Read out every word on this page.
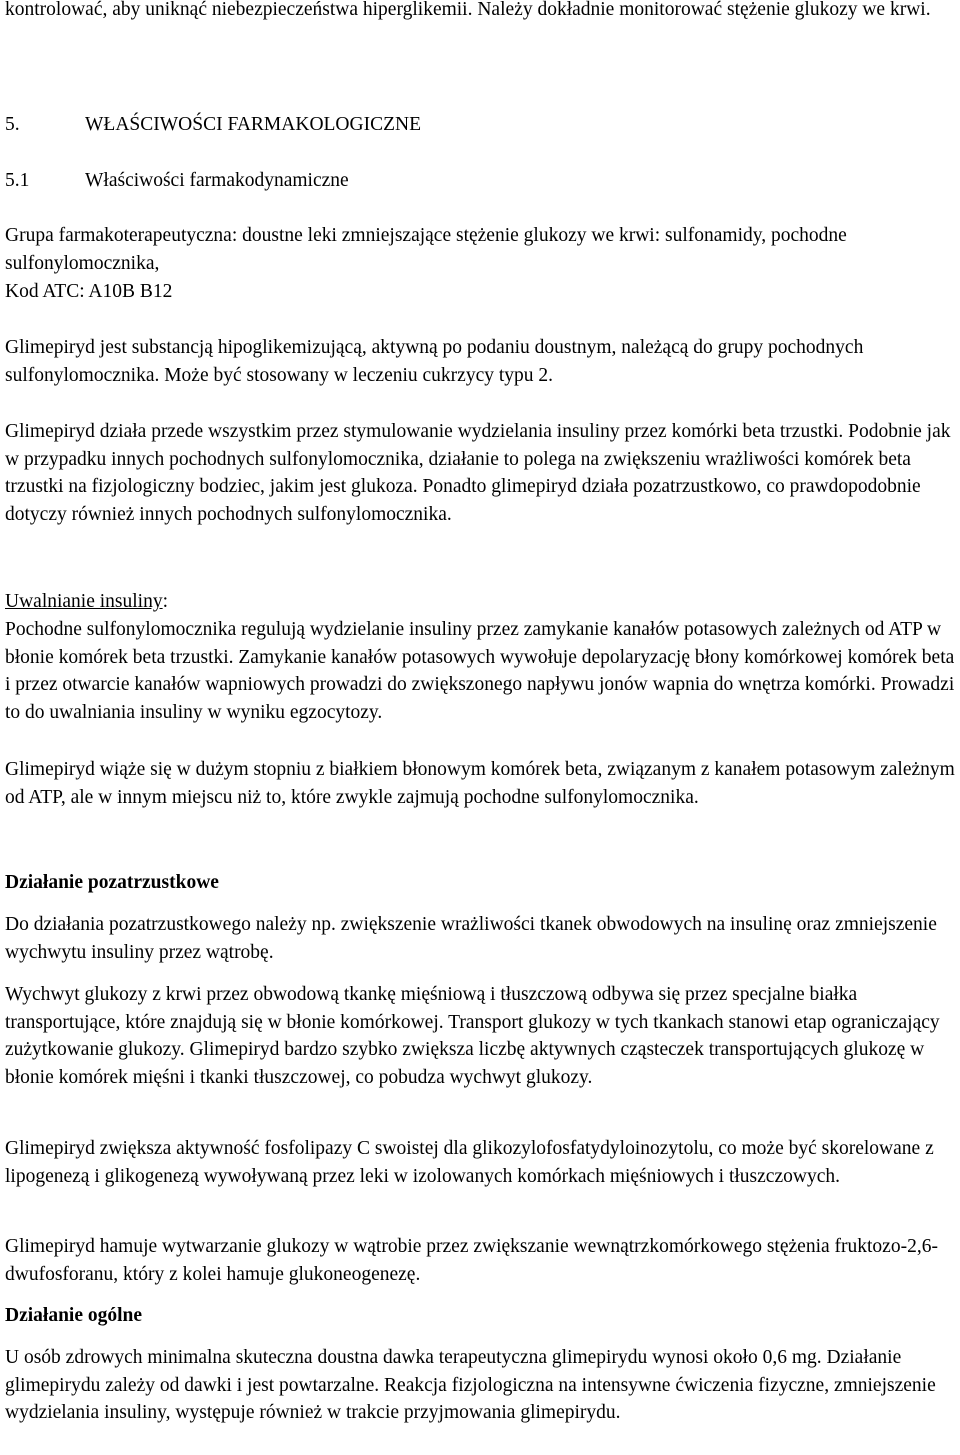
kontrolować, aby uniknąć niebezpieczeństwa hiperglikemii. Należy dokładnie monitorować stężenie glukozy we krwi.

5.	WŁAŚCIWOŚCI FARMAKOLOGICZNE

5.1	Właściwości farmakodynamiczne

Grupa farmakoterapeutyczna: doustne leki zmniejszające stężenie glukozy we krwi: sulfonamidy, pochodne sulfonylomocznika,

Kod ATC: A10B B12

Glimepiryd jest substancją hipoglikemizującą, aktywną po podaniu doustnym, należącą do grupy pochodnych sulfonylomocznika. Może być stosowany w leczeniu cukrzycy typu 2.

Glimepiryd działa przede wszystkim przez stymulowanie wydzielania insuliny przez komórki beta trzustki. Podobnie jak w przypadku innych pochodnych sulfonylomocznika, działanie to polega na zwiększeniu wrażliwości komórek beta trzustki na fizjologiczny bodziec, jakim jest glukoza. Ponadto glimepiryd działa pozatrzustkowo, co prawdopodobnie dotyczy również innych pochodnych sulfonylomocznika.

Uwalnianie insuliny:

Pochodne sulfonylomocznika regulują wydzielanie insuliny przez zamykanie kanałów potasowych zależnych od ATP w błonie komórek beta trzustki. Zamykanie kanałów potasowych wywołuje depolaryzację błony komórkowej komórek beta i przez otwarcie kanałów wapniowych prowadzi do zwiększonego napływu jonów wapnia do wnętrza komórki. Prowadzi to do uwalniania insuliny w wyniku egzocytozy.

Glimepiryd wiąże się w dużym stopniu z białkiem błonowym komórek beta, związanym z kanałem potasowym zależnym od ATP, ale w innym miejscu niż to, które zwykle zajmują pochodne sulfonylomocznika.

Działanie pozatrzustkowe

Do działania pozatrzustkowego należy np. zwiększenie wrażliwości tkanek obwodowych na insulinę oraz zmniejszenie wychwytu insuliny przez wątrobę.

Wychwyt glukozy z krwi przez obwodową tkankę mięśniową i tłuszczową odbywa się przez specjalne białka transportujące, które znajdują się w błonie komórkowej. Transport glukozy w tych tkankach stanowi etap ograniczający zużytkowanie glukozy. Glimepiryd bardzo szybko zwiększa liczbę aktywnych cząsteczek transportujących glukozę w błonie komórek mięśni i tkanki tłuszczowej, co pobudza wychwyt glukozy.

Glimepiryd zwiększa aktywność fosfolipazy C swoistej dla glikozylofosfatydyloinozytolu, co może być skorelowane z lipogenezą i glikogenezą wywoływaną przez leki w izolowanych komórkach mięśniowych i tłuszczowych.

Glimepiryd hamuje wytwarzanie glukozy w wątrobie przez zwiększanie wewnątrzkomórkowego stężenia fruktozo-2,6-dwufosforanu, który z kolei hamuje glukoneogenezę.

Działanie ogólne

U osób zdrowych minimalna skuteczna doustna dawka terapeutyczna glimepirydu wynosi około 0,6 mg. Działanie glimepirydu zależy od dawki i jest powtarzalne. Reakcja fizjologiczna na intensywne ćwiczenia fizyczne, zmniejszenie wydzielania insuliny, występuje również w trakcie przyjmowania glimepirydu.
